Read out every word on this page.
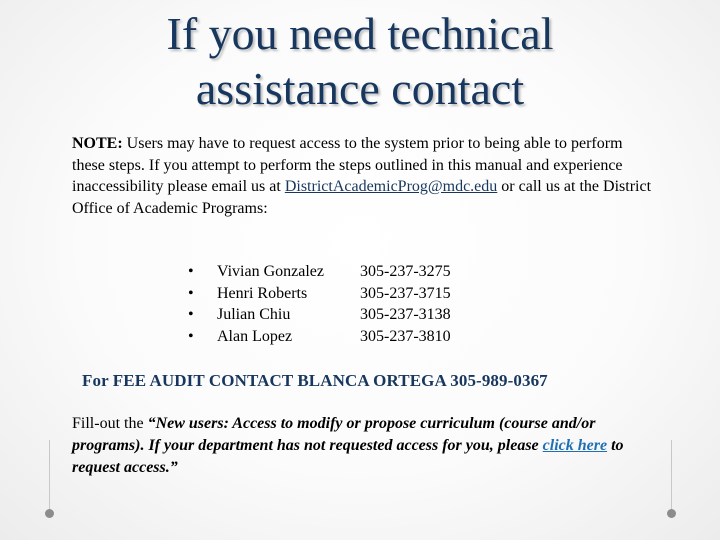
If you need technical
assistance contact

NOTE: Users may have to request access to the system prior to being able to perform these steps. If you attempt to perform the steps outlined in this manual and experience inaccessibility please email us at DistrictAcademicProg@mdc.edu or call us at the District Office of Academic Programs:

•	Vivian Gonzalez	305-237-3275
•	Henri Roberts	305-237-3715
•	Julian Chiu	305-237-3138
•	Alan Lopez	305-237-3810

For FEE AUDIT CONTACT BLANCA ORTEGA 305-989-0367

Fill-out the “New users: Access to modify or propose curriculum (course and/or programs). If your department has not requested access for you, please click here to request access.”
